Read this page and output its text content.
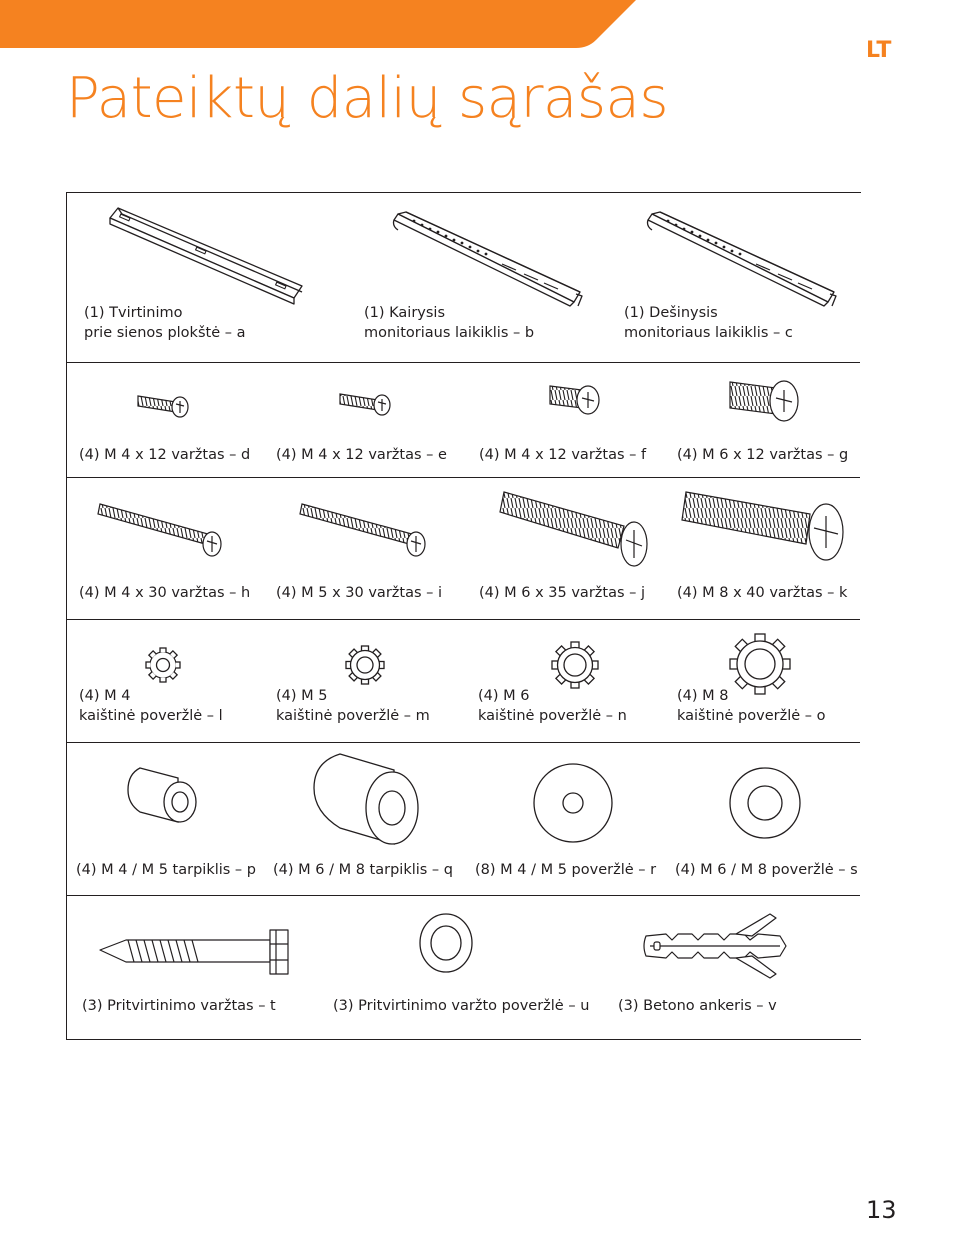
LT
Pateiktų dalių sąrašas
(1) Tvirtinimo
prie sienos plokštė – a
(1) Kairysis
monitoriaus laikiklis – b
(1) Dešinysis
monitoriaus laikiklis – c
(4) M 4 x 12 varžtas – d (4) M 4 x 12 varžtas – e (4) M 4 x 12 varžtas – f (4) M 6 x 12 varžtas – g
(4) M 4 x 30 varžtas – h (4) M 5 x 30 varžtas – i	(4) M 6 x 35 varžtas – j (4) M 8 x 40 varžtas – k
(4) M 4
kaištinė poveržlė – l
(4) M 5
kaištinė poveržlė – m
(4) M 6
kaištinė poveržlė – n
(4) M 8
kaištinė poveržlė – o
(4) M 4 / M 5 tarpiklis – p (4) M 6 / M 8 tarpiklis – q (8) M 4 / M 5 poveržlė – r (4) M 6 / M 8 poveržlė – s
(3) Pritvirtinimo varžtas – t	(3) Pritvirtinimo varžto poveržlė – u (3) Betono ankeris – v
13
